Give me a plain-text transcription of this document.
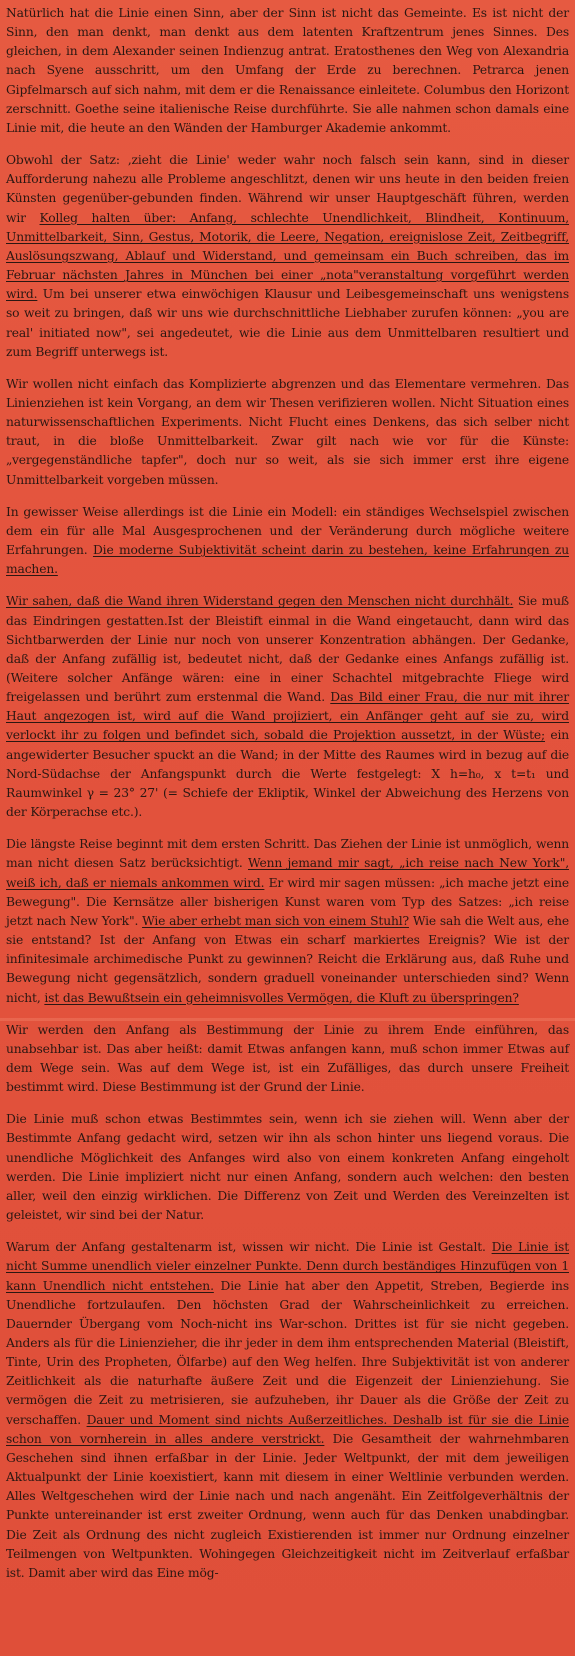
Natürlich hat die Linie einen Sinn, aber der Sinn ist nicht das Gemeinte. Es ist nicht der Sinn, den man denkt, man denkt aus dem latenten Kraftzentrum jenes Sinnes. Des gleichen, in dem Alexander seinen Indienzug antrat. Eratosthenes den Weg von Alexandria nach Syene ausschritt, um den Umfang der Erde zu berechnen. Petrarca jenen Gipfelmarsch auf sich nahm, mit dem er die Renaissance einleitete. Columbus den Horizont zerschnitt. Goethe seine italienische Reise durchführte. Sie alle nahmen schon damals eine Linie mit, die heute an den Wänden der Hamburger Akademie ankommt.

Obwohl der Satz: ‚zieht die Linie' weder wahr noch falsch sein kann, sind in dieser Aufforderung nahezu alle Probleme angeschlitzt, denen wir uns heute in den beiden freien Künsten gegenüber-gebunden finden. Während wir unser Hauptgeschäft führen, werden wir Kolleg halten über: Anfang, schlechte Unendlichkeit, Blindheit, Kontinuum, Unmittelbarkeit, Sinn, Gestus, Motorik, die Leere, Negation, ereignislose Zeit, Zeitbegriff, Auslösungszwang, Ablauf und Widerstand, und gemeinsam ein Buch schreiben, das im Februar nächsten Jahres in München bei einer „nota"veranstaltung vorgeführt werden wird. Um bei unserer etwa einwöchigen Klausur und Leibesgemeinschaft uns wenigstens so weit zu bringen, daß wir uns wie durchschnittliche Liebhaber zurufen können: „you are real' initiated now", sei angedeutet, wie die Linie aus dem Unmittelbaren resultiert und zum Begriff unterwegs ist.

Wir wollen nicht einfach das Komplizierte abgrenzen und das Elementare vermehren. Das Linienziehen ist kein Vorgang, an dem wir Thesen verifizieren wollen. Nicht Situation eines naturwissenschaftlichen Experiments. Nicht Flucht eines Denkens, das sich selber nicht traut, in die bloße Unmittelbarkeit. Zwar gilt nach wie vor für die Künste: „vergegenständliche tapfer", doch nur so weit, als sie sich immer erst ihre eigene Unmittelbarkeit vorgeben müssen.

In gewisser Weise allerdings ist die Linie ein Modell: ein ständiges Wechselspiel zwischen dem ein für alle Mal Ausgesprochenen und der Veränderung durch mögliche weitere Erfahrungen. Die moderne Subjektivität scheint darin zu bestehen, keine Erfahrungen zu machen.

Wir sahen, daß die Wand ihren Widerstand gegen den Menschen nicht durchhält. Sie muß das Eindringen gestatten.Ist der Bleistift einmal in die Wand eingetaucht, dann wird das Sichtbarwerden der Linie nur noch von unserer Konzentration abhängen. Der Gedanke, daß der Anfang zufällig ist, bedeutet nicht, daß der Gedanke eines Anfangs zufällig ist. (Weitere solcher Anfänge wären: eine in einer Schachtel mitgebrachte Fliege wird freigelassen und berührt zum erstenmal die Wand. Das Bild einer Frau, die nur mit ihrer Haut angezogen ist, wird auf die Wand projiziert, ein Anfänger geht auf sie zu, wird verlockt ihr zu folgen und befindet sich, sobald die Projektion aussetzt, in der Wüste; ein angewiderter Besucher spuckt an die Wand; in der Mitte des Raumes wird in bezug auf die Nord-Südachse der Anfangspunkt durch die Werte festgelegt: X h=h₀, x t=t₁ und Raumwinkel γ = 23° 27' (= Schiefe der Ekliptik, Winkel der Abweichung des Herzens von der Körperachse etc.).

Die längste Reise beginnt mit dem ersten Schritt. Das Ziehen der Linie ist unmöglich, wenn man nicht diesen Satz berücksichtigt. Wenn jemand mir sagt, „ich reise nach New York", weiß ich, daß er niemals ankommen wird. Er wird mir sagen müssen: „ich mache jetzt eine Bewegung". Die Kernsätze aller bisherigen Kunst waren vom Typ des Satzes: „ich reise jetzt nach New York". Wie aber erhebt man sich von einem Stuhl? Wie sah die Welt aus, ehe sie entstand? Ist der Anfang von Etwas ein scharf markiertes Ereignis? Wie ist der infinitesimale archimedische Punkt zu gewinnen? Reicht die Erklärung aus, daß Ruhe und Bewegung nicht gegensätzlich, sondern graduell voneinander unterschieden sind? Wenn nicht, ist das Bewußtsein ein geheimnisvolles Vermögen, die Kluft zu überspringen?

Wir werden den Anfang als Bestimmung der Linie zu ihrem Ende einführen, das unabsehbar ist. Das aber heißt: damit Etwas anfangen kann, muß schon immer Etwas auf dem Wege sein. Was auf dem Wege ist, ist ein Zufälliges, das durch unsere Freiheit bestimmt wird. Diese Bestimmung ist der Grund der Linie.

Die Linie muß schon etwas Bestimmtes sein, wenn ich sie ziehen will. Wenn aber der Bestimmte Anfang gedacht wird, setzen wir ihn als schon hinter uns liegend voraus. Die unendliche Möglichkeit des Anfanges wird also von einem konkreten Anfang eingeholt werden. Die Linie impliziert nicht nur einen Anfang, sondern auch welchen: den besten aller, weil den einzig wirklichen. Die Differenz von Zeit und Werden des Vereinzelten ist geleistet, wir sind bei der Natur.

Warum der Anfang gestaltenarm ist, wissen wir nicht. Die Linie ist Gestalt. Die Linie ist nicht Summe unendlich vieler einzelner Punkte. Denn durch beständiges Hinzufügen von 1 kann Unendlich nicht entstehen. Die Linie hat aber den Appetit, Streben, Begierde ins Unendliche fortzulaufen. Den höchsten Grad der Wahrscheinlichkeit zu erreichen. Dauernder Übergang vom Noch-nicht ins War-schon. Drittes ist für sie nicht gegeben. Anders als für die Linienzieher, die ihr jeder in dem ihm entsprechenden Material (Bleistift, Tinte, Urin des Propheten, Ölfarbe) auf den Weg helfen. Ihre Subjektivität ist von anderer Zeitlichkeit als die naturhafte äußere Zeit und die Eigenzeit der Linienziehung. Sie vermögen die Zeit zu metrisieren, sie aufzuheben, ihr Dauer als die Größe der Zeit zu verschaffen. Dauer und Moment sind nichts Außerzeitliches. Deshalb ist für sie die Linie schon von vornherein in alles andere verstrickt. Die Gesamtheit der wahrnehmbaren Geschehen sind ihnen erfaßbar in der Linie. Jeder Weltpunkt, der mit dem jeweiligen Aktualpunkt der Linie koexistiert, kann mit diesem in einer Weltlinie verbunden werden. Alles Weltgeschehen wird der Linie nach und nach angenäht. Ein Zeitfolgeverhältnis der Punkte untereinander ist erst zweiter Ordnung, wenn auch für das Denken unabdingbar. Die Zeit als Ordnung des nicht zugleich Existierenden ist immer nur Ordnung einzelner Teilmengen von Weltpunkten. Wohingegen Gleichzeitigkeit nicht im Zeitverlauf erfaßbar ist. Damit aber wird das Eine mög-
